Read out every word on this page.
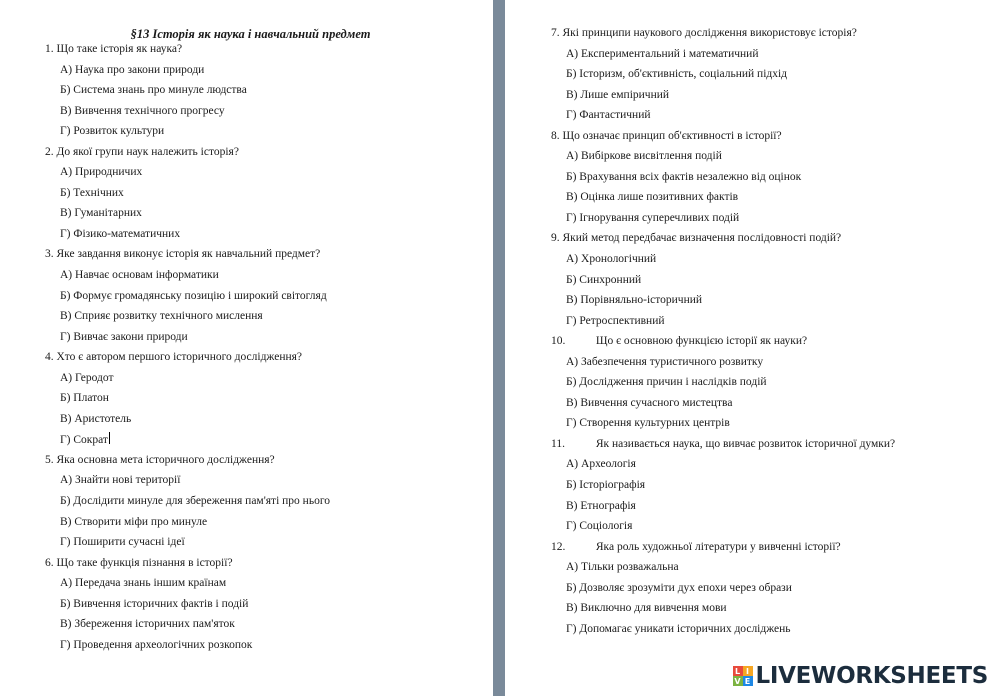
§13 Історія як наука і навчальний предмет
1. Що таке історія як наука?
А) Наука про закони природи
Б) Система знань про минуле людства
В) Вивчення технічного прогресу
Г) Розвиток культури
2. До якої групи наук належить історія?
А) Природничих
Б) Технічних
В) Гуманітарних
Г) Фізико-математичних
3. Яке завдання виконує історія як навчальний предмет?
А) Навчає основам інформатики
Б) Формує громадянську позицію і широкий світогляд
В) Сприяє розвитку технічного мислення
Г) Вивчає закони природи
4. Хто є автором першого історичного дослідження?
А) Геродот
Б) Платон
В) Аристотель
Г) Сократ
5. Яка основна мета історичного дослідження?
А) Знайти нові території
Б) Дослідити минуле для збереження пам'яті про нього
В) Створити міфи про минуле
Г) Поширити сучасні ідеї
6. Що таке функція пізнання в історії?
А) Передача знань іншим країнам
Б) Вивчення історичних фактів і подій
В) Збереження історичних пам'яток
Г) Проведення археологічних розкопок
7. Які принципи наукового дослідження використовує історія?
А) Експериментальний і математичний
Б) Історизм, об'єктивність, соціальний підхід
В) Лише емпіричний
Г) Фантастичний
8. Що означає принцип об'єктивності в історії?
А) Вибіркове висвітлення подій
Б) Врахування всіх фактів незалежно від оцінок
В) Оцінка лише позитивних фактів
Г) Ігнорування суперечливих подій
9. Який метод передбачає визначення послідовності подій?
А) Хронологічний
Б) Синхронний
В) Порівняльно-історичний
Г) Ретроспективний
10.	Що є основною функцією історії як науки?
А) Забезпечення туристичного розвитку
Б) Дослідження причин і наслідків подій
В) Вивчення сучасного мистецтва
Г) Створення культурних центрів
11.	Як називається наука, що вивчає розвиток історичної думки?
А) Археологія
Б) Історіографія
В) Етнографія
Г) Соціологія
12.	Яка роль художньої літератури у вивченні історії?
А) Тільки розважальна
Б) Дозволяє зрозуміти дух епохи через образи
В) Виключно для вивчення мови
Г) Допомагає уникати історичних досліджень
L I
V E LIVEWORKSHEETS
